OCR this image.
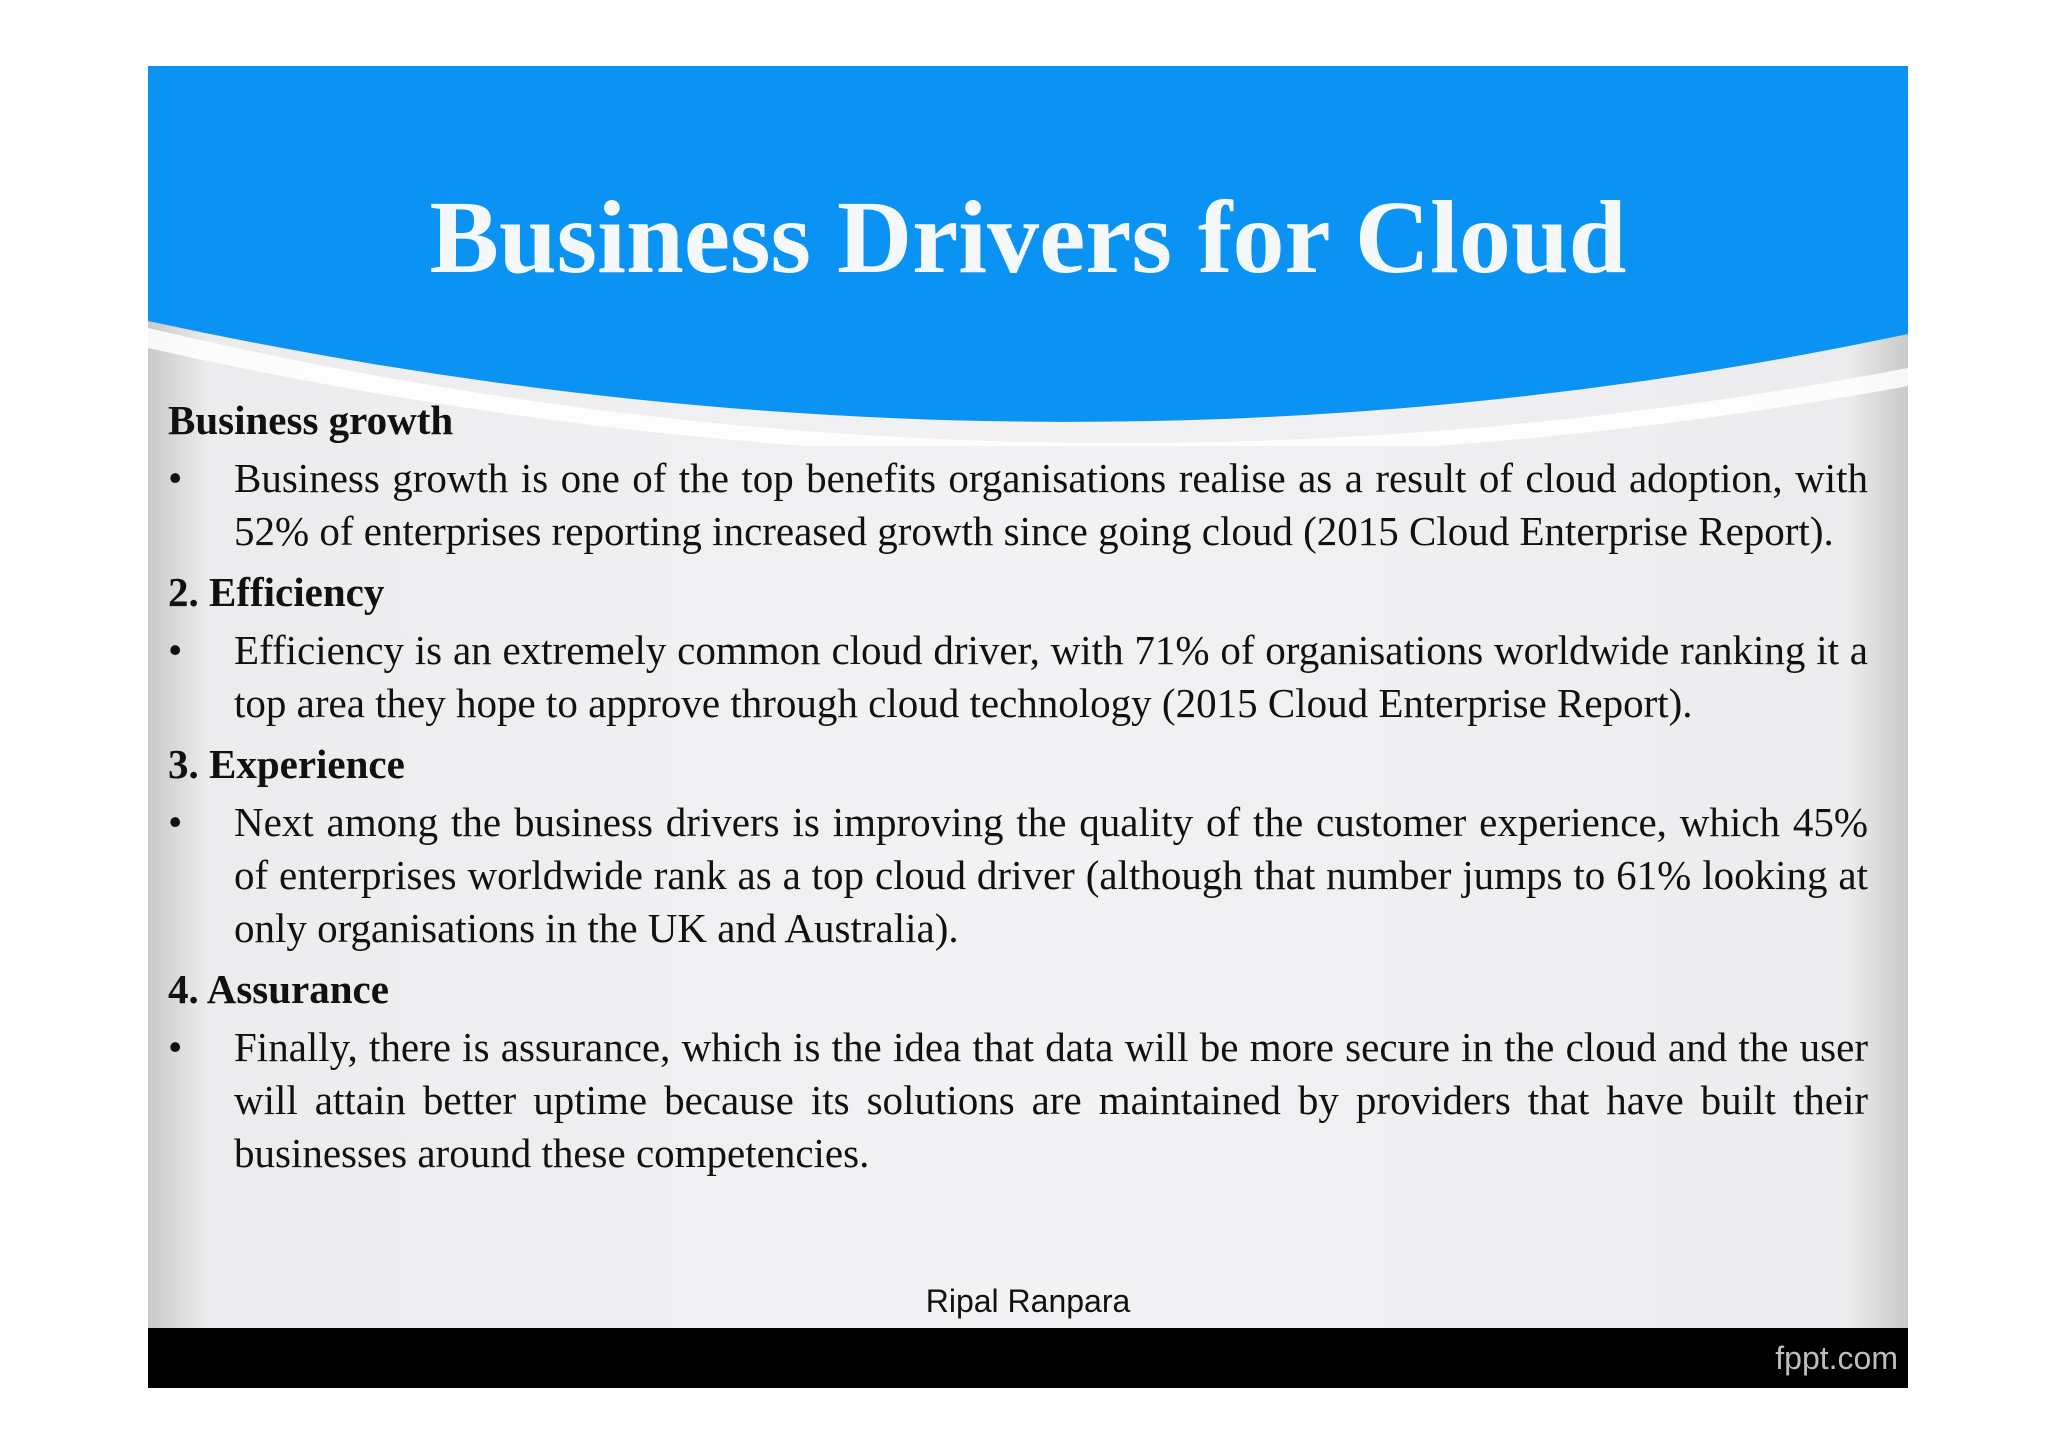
Business Drivers for Cloud

Business growth

• Business growth is one of the top benefits organisations realise as a result of cloud adoption, with 52% of enterprises reporting increased growth since going cloud (2015 Cloud Enterprise Report).

2. Efficiency

• Efficiency is an extremely common cloud driver, with 71% of organisations worldwide ranking it a top area they hope to approve through cloud technology (2015 Cloud Enterprise Report).

3. Experience

• Next among the business drivers is improving the quality of the customer experience, which 45% of enterprises worldwide rank as a top cloud driver (although that number jumps to 61% looking at only organisations in the UK and Australia).

4. Assurance

• Finally, there is assurance, which is the idea that data will be more secure in the cloud and the user will attain better uptime because its solutions are maintained by providers that have built their businesses around these competencies.
Ripal Ranpara
fppt.com
